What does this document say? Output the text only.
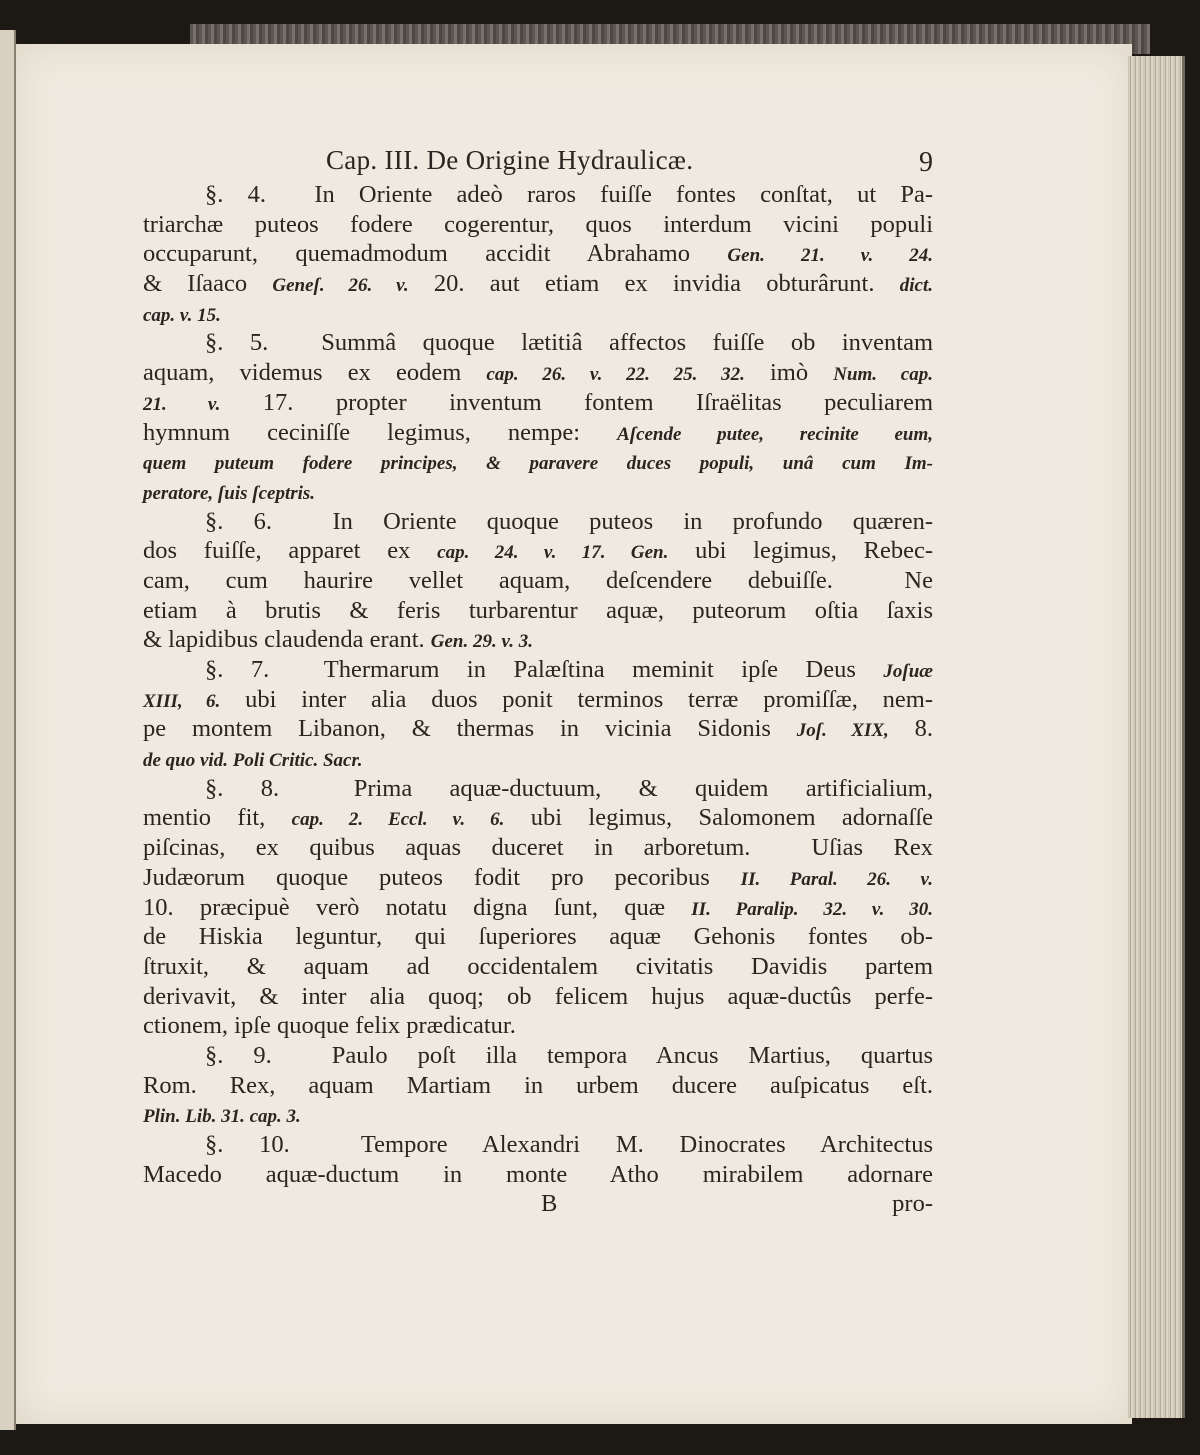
Cap. III. De Origine Hydraulicæ.	9
§. 4.  In Oriente adeò raros fuiſſe fontes conſtat, ut Pa-
triarchæ puteos fodere cogerentur, quos interdum vicini populi
occuparunt, quemadmodum accidit Abrahamo Gen. 21. v. 24.
& Iſaaco Geneſ. 26. v. 20. aut etiam ex invidia obturârunt. dict.
cap. v. 15.
§. 5.  Summâ quoque lætitiâ affectos fuiſſe ob inventam
aquam, videmus ex eodem cap. 26. v. 22. 25. 32. imò Num. cap.
21. v. 17. propter inventum fontem Iſraëlitas peculiarem
hymnum ceciniſſe legimus, nempe: Aſcende putee, recinite eum,
quem puteum fodere principes, & paravere duces populi, unâ cum Im-
peratore, ſuis ſceptris.
§. 6.  In Oriente quoque puteos in profundo quæren-
dos fuiſſe, apparet ex cap. 24. v. 17. Gen. ubi legimus, Rebec-
cam, cum haurire vellet aquam, deſcendere debuiſſe.  Ne
etiam à brutis & feris turbarentur aquæ, puteorum oſtia ſaxis
& lapidibus claudenda erant. Gen. 29. v. 3.
§. 7.  Thermarum in Palæſtina meminit ipſe Deus Joſuæ
XIII, 6. ubi inter alia duos ponit terminos terræ promiſſæ, nem-
pe montem Libanon, & thermas in vicinia Sidonis Joſ. XIX, 8.
de quo vid. Poli Critic. Sacr.
§. 8.  Prima aquæ-ductuum, & quidem artificialium,
mentio fit, cap. 2. Eccl. v. 6. ubi legimus, Salomonem adornaſſe
piſcinas, ex quibus aquas duceret in arboretum.  Uſias Rex
Judæorum quoque puteos fodit pro pecoribus II. Paral. 26. v.
10. præcipuè verò notatu digna ſunt, quæ II. Paralip. 32. v. 30.
de Hiskia leguntur, qui ſuperiores aquæ Gehonis fontes ob-
ſtruxit, & aquam ad occidentalem civitatis Davidis partem
derivavit, & inter alia quoq; ob felicem hujus aquæ-ductûs perfe-
ctionem, ipſe quoque felix prædicatur.
§. 9.  Paulo poſt illa tempora Ancus Martius, quartus
Rom. Rex, aquam Martiam in urbem ducere auſpicatus eſt.
Plin. Lib. 31. cap. 3.
§. 10.  Tempore Alexandri M. Dinocrates Architectus
Macedo aquæ-ductum in monte Atho mirabilem adornare
B	pro-
